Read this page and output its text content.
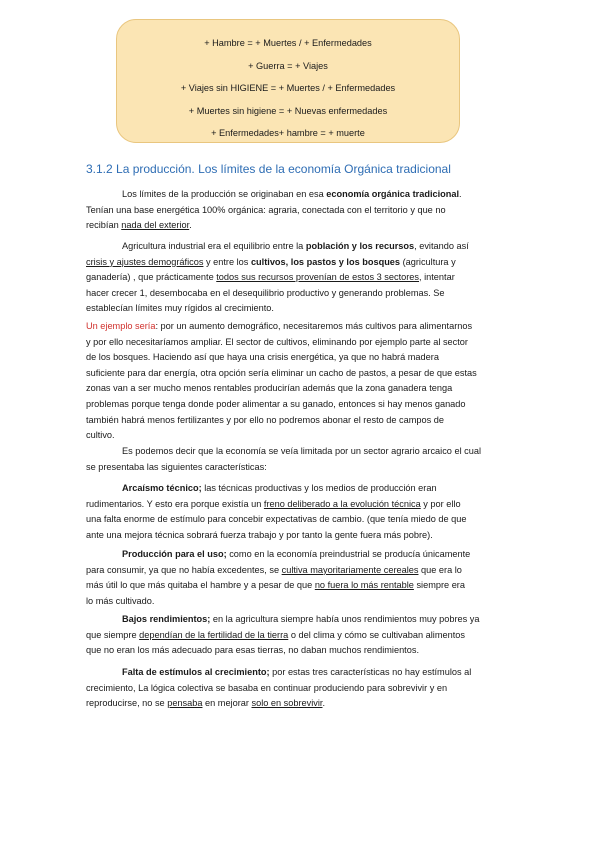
+ Hambre = + Muertes / + Enfermedades
+ Guerra = + Viajes
+ Viajes sin HIGIENE = + Muertes / + Enfermedades
+ Muertes sin higiene = + Nuevas enfermedades
+ Enfermedades+ hambre = + muerte
3.1.2 La producción. Los límites de la economía Orgánica tradicional
Los límites de la producción se originaban en esa economía orgánica tradicional.
Tenían una base energética 100% orgánica: agraria, conectada con el territorio y que no
recibían nada del exterior.
Agricultura industrial era el equilibrio entre la población y los recursos, evitando así
crisis y ajustes demográficos y entre los cultivos, los pastos y los bosques (agricultura y
ganadería) , que prácticamente todos sus recursos provenían de estos 3 sectores, intentar
hacer crecer 1, desembocaba en el desequilibrio productivo y generando problemas. Se
establecían límites muy rígidos al crecimiento.
Un ejemplo sería: por un aumento demográfico, necesitaremos más cultivos para alimentarnos
y por ello necesitaríamos ampliar. El sector de cultivos, eliminando por ejemplo parte al sector
de los bosques. Haciendo así que haya una crisis energética, ya que no habrá madera
suficiente para dar energía, otra opción sería eliminar un cacho de pastos, a pesar de que estas
zonas van a ser mucho menos rentables producirían además que la zona ganadera tenga
problemas porque tenga donde poder alimentar a su ganado, entonces si hay menos ganado
también habrá menos fertilizantes y por ello no podremos abonar el resto de campos de
cultivo.
Es podemos decir que la economía se veía limitada por un sector agrario arcaico el cual
se presentaba las siguientes características:
Arcaísmo técnico; las técnicas productivas y los medios de producción eran
rudimentarios. Y esto era porque existía un freno deliberado a la evolución técnica y por ello
una falta enorme de estímulo para concebir expectativas de cambio. (que tenía miedo de que
ante una mejora técnica sobrará fuerza trabajo y por tanto la gente fuera más pobre).
Producción para el uso; como en la economía preindustrial se producía únicamente
para consumir, ya que no había excedentes, se cultiva mayoritariamente cereales que era lo
más útil lo que más quitaba el hambre y a pesar de que no fuera lo más rentable siempre era
lo más cultivado.
Bajos rendimientos; en la agricultura siempre había unos rendimientos muy pobres ya
que siempre dependían de la fertilidad de la tierra o del clima y cómo se cultivaban alimentos
que no eran los más adecuado para esas tierras, no daban muchos rendimientos.
Falta de estímulos al crecimiento; por estas tres características no hay estímulos al
crecimiento, La lógica colectiva se basaba en continuar produciendo para sobrevivir y en
reproducirse, no se pensaba en mejorar solo en sobrevivir.
